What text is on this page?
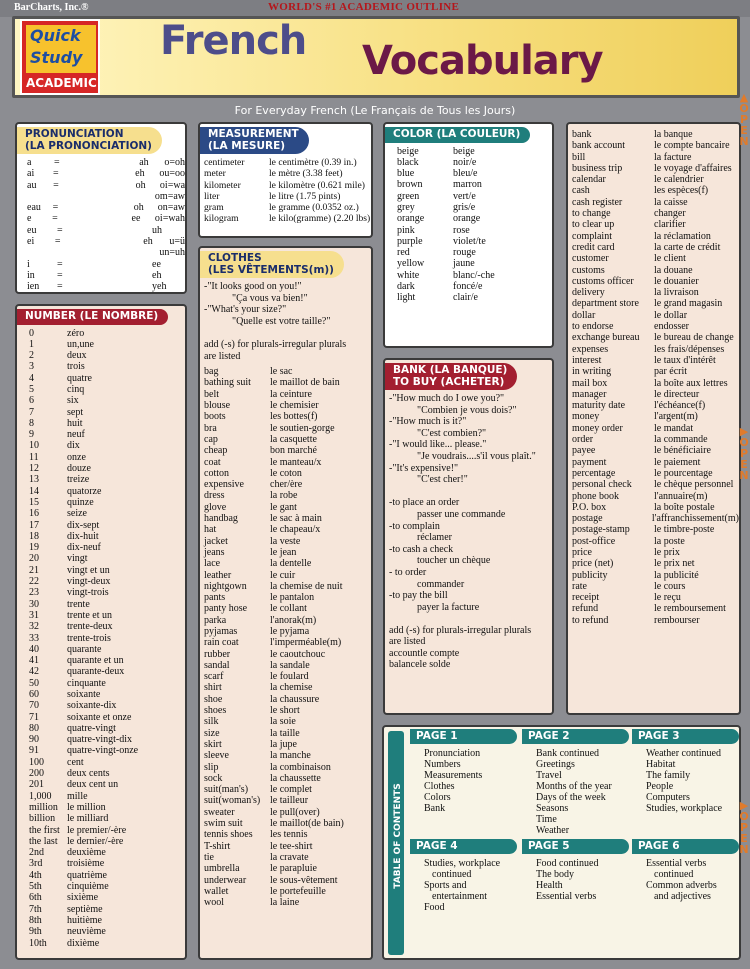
BarCharts, Inc.®	WORLD'S #1 ACADEMIC OUTLINE
Quick
Study
ACADEMIC
French Vocabulary
For Everyday French (Le Français de Tous les Jours)
PRONUNCIATION
(LA PRONONCIATION)
a	=	ah	o = oh
ai	=	eh	ou = oo
au	=	oh	oi = wa
om = aw
eau	=	oh	on = aw
e	=	ee	oi = wah
eu	=	uh
ei	=	eh	u = ü
un = uh
i	=	ee
in	=	eh
ien	=	yeh
NUMBER (LE NOMBRE)
0	zéro
1	un,une
2	deux
3	trois
4	quatre
5	cinq
6	six
7	sept
8	huit
9	neuf
10	dix
11	onze
12	douze
13	treize
14	quatorze
15	quinze
16	seize
17	dix-sept
18	dix-huit
19	dix-neuf
20	vingt
21	vingt et un
22	vingt-deux
23	vingt-trois
30	trente
31	trente et un
32	trente-deux
33	trente-trois
40	quarante
41	quarante et un
42	quarante-deux
50	cinquante
60	soixante
70	soixante-dix
71	soixante et onze
80	quatre-vingt
90	quatre-vingt-dix
91	quatre-vingt-onze
100	cent
200	deux cents
201	deux cent un
1,000	mille
million le million
billion	le milliard
the first le premier/-ère
the last le dernier/-ère
2nd	deuxième
3rd	troisième
4th	quatrième
5th	cinquième
6th	sixième
7th	septième
8th	huitième
9th	neuvième
10th	dixième
MEASUREMENT
(LA MESURE)
centimeter	le centimètre (0.39 in.)
meter	le mètre (3.38 feet)
kilometer	le kilomètre (0.621 mile)
liter	le litre (1.75 pints)
gram	le gramme (0.0352 oz.)
kilogram	le kilo(gramme) (2.20 lbs)
CLOTHES
(LES VÊTEMENTS(m))
-"It looks good on you!"
"Ça vous va bien!"
-"What's your size?"
"Quelle est votre taille?"
add (-s) for plurals-irregular plurals
are listed
bag	le sac
bathing suit	le maillot de bain
belt	la ceinture
blouse	le chemisier
boots	les bottes(f)
bra	le soutien-gorge
cap	la casquette
cheap	bon marché
coat	le manteau/x
cotton	le coton
expensive	cher/ère
dress	la robe
glove	le gant
handbag	le sac à main
hat	le chapeau/x
jacket	la veste
jeans	le jean
lace	la dentelle
leather	le cuir
nightgown	la chemise de nuit
pants	le pantalon
panty hose	le collant
parka	l'anorak(m)
pyjamas	le pyjama
rain coat	l'imperméable(m)
rubber	le caoutchouc
sandal	la sandale
scarf	le foulard
shirt	la chemise
shoe	la chaussure
shoes	le short
silk	la soie
size	la taille
skirt	la jupe
sleeve	la manche
slip	la combinaison
sock	la chaussette
suit(man's)	le complet
suit(woman's) le tailleur
sweater	le pull(over)
swim suit	le maillot(de bain)
tennis shoes	les tennis
T-shirt	le tee-shirt
tie	la cravate
umbrella	le parapluie
underwear	le sous-vêtement
wallet	le portefeuille
wool	la laine
COLOR (LA COULEUR)
beige	beige
black	noir/e
blue	bleu/e
brown	marron
green	vert/e
grey	gris/e
orange	orange
pink	rose
purple	violet/te
red	rouge
yellow	jaune
white	blanc/-che
dark	foncé/e
light	clair/e
BANK (LA BANQUE)
TO BUY (ACHETER)
-"How much do I owe you?"
"Combien je vous dois?"
-"How much is it?"
"C'est combien?"
-"I would like... please."
"Je voudrais....s'il vous plaît."
-"It's expensive!"
"C'est cher!"
-to place an order
passer une commande
-to complain
réclamer
-to cash a check
toucher un chèque
- to order
commander
-to pay the bill
payer la facture
add (-s) for plurals-irregular plurals
are listed
account le compte
balance le solde
bank	la banque
bank account	le compte bancaire
bill	la facture
business trip	le voyage d'affaires
calendar	le calendrier
cash	les espèces(f)
cash register	la caisse
to change	changer
to clear up	clarifier
complaint	la réclamation
credit card	la carte de crédit
customer	le client
customs	la douane
customs officer	le douanier
delivery	la livraison
department store	le grand magasin
dollar	le dollar
to endorse	endosser
exchange bureau	le bureau de change
expenses	les frais/dépenses
interest	le taux d'intérêt
in writing	par écrit
mail box	la boîte aux lettres
manager	le directeur
maturity date	l'échéance(f)
money	l'argent(m)
money order	le mandat
order	la commande
payee	le bénéficiaire
payment	le paiement
percentage	le pourcentage
personal check	le chèque personnel
phone book	l'annuaire(m)
P.O. box	la boîte postale
postage	l'affranchissement(m)
postage-stamp	le timbre-poste
post-office	la poste
price	le prix
price (net)	le prix net
publicity	la publicité
rate	le cours
receipt	le reçu
refund	le remboursement
to refund	rembourser
TABLE OF CONTENTS
PAGE 1
Pronunciation
Numbers
Measurements
Clothes
Colors
Bank
PAGE 2
Bank continued
Greetings
Travel
Months of the year
Days of the week
Seasons
Time
Weather
PAGE 3
Weather continued
Habitat
The family
People
Computers
Studies, workplace
PAGE 4
Studies, workplace
continued
Sports and
entertainment
Food
PAGE 5
Food continued
The body
Health
Essential verbs
PAGE 6
Essential verbs
continued
Common adverbs
and adjectives
▲
O
P
E
N
▶
O
P
E
N
▶
O
P
E
N
